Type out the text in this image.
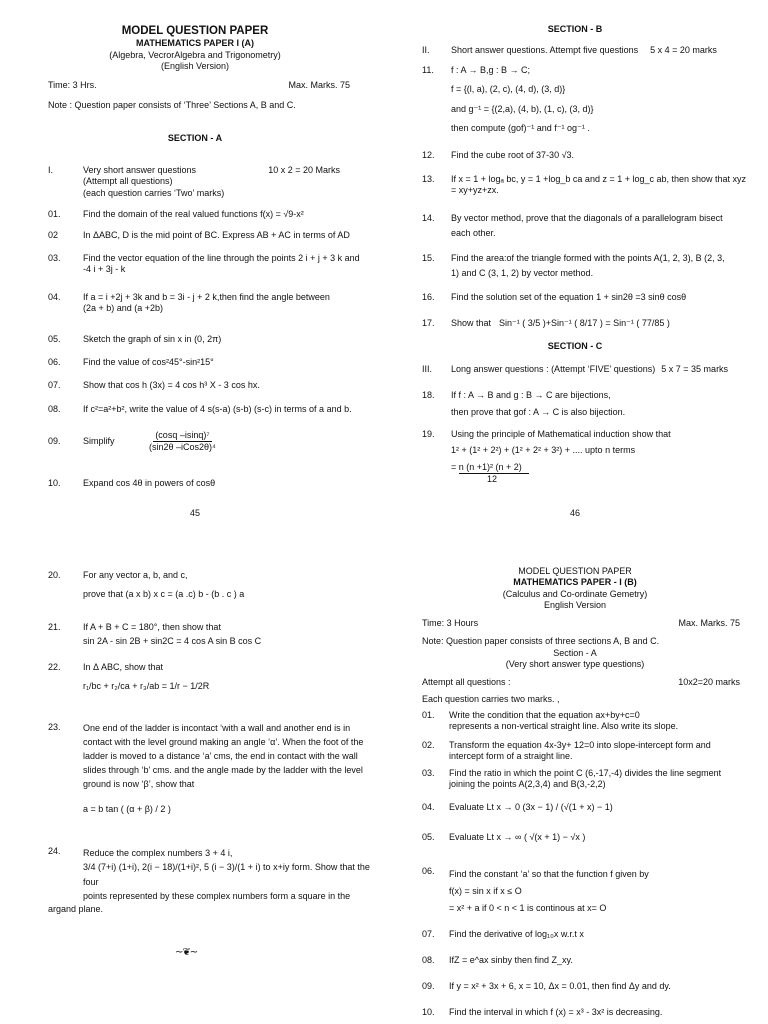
MODEL QUESTION PAPER
MATHEMATICS PAPER I (A)
(Algebra, VecrorAlgebra and Trigonometry)
(English Version)
Time: 3 Hrs.	Max. Marks. 75
Note : Question paper consists of ‘Three’ Sections A, B and C.
SECTION - A
I.	Very short answer questions
(Attempt all questions)
(each question carries ‘Two’ marks)
10 x 2 = 20 Marks
01.	Find the domain of the real valued functions f(x) = √9-x²
02	In ΔABC, D is the mid point of BC. Express AB + AC in terms of AD
03.	Find the vector equation of the line through the points 2 i + j + 3 k and
-4 i + 3j - k
04.	If a = i +2j + 3k and b = 3i - j + 2 k,then find the angle between
(2a + b) and (a +2b)
05.	Sketch the graph of sin x in (0, 2π)
06.	Find the value of cos²45°-sin²15°
07.	Show that cos h (3x) = 4 cos h³ X - 3 cos hx.
08.	If c²=a²+b², write the value of 4 s(s-a) (s-b) (s-c) in terms of a and b.
09.	Simplify	$\frac{\text{(cosq –isinq)⁷}}{\text{(sin2θ –iCos2θ)⁴}}$
10.	Expand cos 4θ in powers of cosθ
45
SECTION - B
II.	Short answer questions. Attempt five questions 5 x 4 = 20 marks
11.	f : A → B,g : B → C;
f = {(l, a), (2, c), (4, d), (3, d)}
and g⁻¹ = {(2,a), (4, b), (1, c), (3, d)}
then compute (gof)⁻¹ and f⁻¹ og⁻¹ .
12.	Find the cube root of 37-30 √3.
13.	If x = 1 + logₐ bc, y = 1 +log_b ca and z = 1 + log_c ab, then show that xyz
= xy+yz+zx.
14.	By vector method, prove that the diagonals of a parallelogram bisect
each other.
15.	Find the area:of the triangle formed with the points A(1, 2, 3), B (2, 3,
1) and C (3, 1, 2) by vector method.
16.	Find the solution set of the equation 1 + sin2θ =3 sinθ cosθ
17.	Show that Sin⁻¹ ( 3/5 )+Sin⁻¹ ( 8/17 ) = Sin⁻¹ ( 77/85 )
SECTION - C
III.	Long answer questions : (Attempt ‘FIVE’ questions) 5 x 7 = 35 marks
18.	If f : A → B and g : B → C are bijections,
then prove that gof : A → C is also bijection.
19.	Using the principle of Mathematical induction show that
1² + (1² + 2²) + (1² + 2² + 3²) + .... upto n terms
= n (n +1)² (n + 2)
12
46
20.	For any vector a, b, and c,
prove that (a x b) x c = (a .c) b - (b . c ) a
21.	If A + B + C = 180°, then show that
sin 2A - sin 2B + sin2C = 4 cos A sin B cos C
22.	In Δ ABC, show that
r₁/bc + r₂/ca + r₃/ab = 1/r − 1/2R
23.	One end of the ladder is incontact ‘with a wall and another end is in
contact with the level ground making an angle ‘α’. When the foot of the
ladder is moved to a distance ‘a’ cms, the end in contact with the wall
slides through ‘b’ cms. and the angle made by the ladder with the level
ground is now ‘β’, show that
a = b tan ( (α + β) / 2 )
24.	Reduce the complex numbers 3 + 4 i,
3/4 (7+i) (1+i), 2(i − 18)/(1+i)², 5 (i − 3)/(1 + i) to x+iy form. Show that the four
points represented by these complex numbers form a square in the
argand plane.
~❦~
MODEL QUESTION PAPER
MATHEMATICS PAPER - I (B)
(Calculus and Co-ordinate Gemetry)
English Version
Time: 3 Hours	Max. Marks. 75
Note: Question paper consists of three sections A, B and C.
Section - A
(Very short answer type questions)
Attempt all questions :	10x2=20 marks
Each question carries two marks. ,
01.	Write the condition that the equation ax+by+c=0
represents a non-vertical straight line. Also write its slope.
02.	Transform the equation 4x-3y+ 12=0 into slope-intercept form and
intercept form of a straight line.
03.	Find the ratio in which the point C (6,-17,-4) divides the line segment
joining the points A(2,3,4) and B(3,-2,2)
04.	Evaluate Lt x → 0 (3x − 1) / (√(1 + x) − 1)
05.	Evaluate Lt x → ∞ ( √(x + 1) − √x )
06.	Find the constant ‘a’ so that the function f given by
f(x) = sin x if x ≤ O
= x² + a if 0 < n < 1 is continous at x= O
07.	Find the derivative of log₁₀x w.r.t x
08.	IfZ = e^ax sinby then find Z_xy.
09.	If y = x² + 3x + 6, x = 10, Δx = 0.01, then find Δy and dy.
10.	Find the interval in which f (x) = x³ - 3x² is decreasing.
